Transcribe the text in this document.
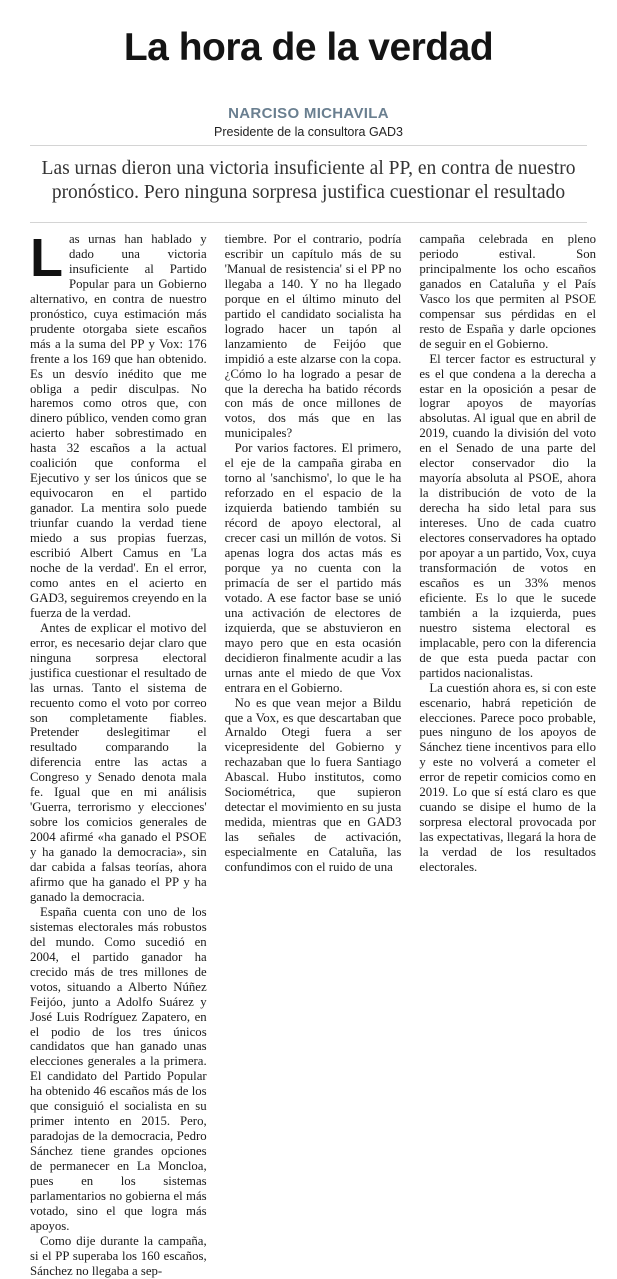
La hora de la verdad
NARCISO MICHAVILA
Presidente de la consultora GAD3

Las urnas dieron una victoria insuficiente al PP, en contra de nuestro pronóstico. Pero ninguna sorpresa justifica cuestionar el resultado

Las urnas han hablado y dado una victoria insuficiente al Partido Popular para un Gobierno alternativo, en contra de nuestro pronóstico, cuya estimación más prudente otorgaba siete escaños más a la suma del PP y Vox: 176 frente a los 169 que han obtenido. Es un desvío inédito que me obliga a pedir disculpas. No haremos como otros que, con dinero público, venden como gran acierto haber sobrestimado en hasta 32 escaños a la actual coalición que conforma el Ejecutivo y ser los únicos que se equivocaron en el partido ganador. La mentira solo puede triunfar cuando la verdad tiene miedo a sus propias fuerzas, escribió Albert Camus en 'La noche de la verdad'. En el error, como antes en el acierto en GAD3, seguiremos creyendo en la fuerza de la verdad.

Antes de explicar el motivo del error, es necesario dejar claro que ninguna sorpresa electoral justifica cuestionar el resultado de las urnas. Tanto el sistema de recuento como el voto por correo son completamente fiables. Pretender deslegitimar el resultado comparando la diferencia entre las actas a Congreso y Senado denota mala fe. Igual que en mi análisis 'Guerra, terrorismo y elecciones' sobre los comicios generales de 2004 afirmé «ha ganado el PSOE y ha ganado la democracia», sin dar cabida a falsas teorías, ahora afirmo que ha ganado el PP y ha ganado la democracia.

España cuenta con uno de los sistemas electorales más robustos del mundo. Como sucedió en 2004, el partido ganador ha crecido más de tres millones de votos, situando a Alberto Núñez Feijóo, junto a Adolfo Suárez y José Luis Rodríguez Zapatero, en el podio de los tres únicos candidatos que han ganado unas elecciones generales a la primera. El candidato del Partido Popular ha obtenido 46 escaños más de los que consiguió el socialista en su primer intento en 2015. Pero, paradojas de la democracia, Pedro Sánchez tiene grandes opciones de permanecer en La Moncloa, pues en los sistemas parlamentarios no gobierna el más votado, sino el que logra más apoyos.

Como dije durante la campaña, si el PP superaba los 160 escaños, Sánchez no llegaba a sep-

tiembre. Por el contrario, podría escribir un capítulo más de su 'Manual de resistencia' si el PP no llegaba a 140. Y no ha llegado porque en el último minuto del partido el candidato socialista ha logrado hacer un tapón al lanzamiento de Feijóo que impidió a este alzarse con la copa. ¿Cómo lo ha logrado a pesar de que la derecha ha batido récords con más de once millones de votos, dos más que en las municipales?

Por varios factores. El primero, el eje de la campaña giraba en torno al 'sanchismo', lo que le ha reforzado en el espacio de la izquierda batiendo también su récord de apoyo electoral, al crecer casi un millón de votos. Si apenas logra dos actas más es porque ya no cuenta con la primacía de ser el partido más votado. A ese factor base se unió una activación de electores de izquierda, que se abstuvieron en mayo pero que en esta ocasión decidieron finalmente acudir a las urnas ante el miedo de que Vox entrara en el Gobierno.

No es que vean mejor a Bildu que a Vox, es que descartaban que Arnaldo Otegi fuera a ser vicepresidente del Gobierno y rechazaban que lo fuera Santiago Abascal. Hubo institutos, como Sociométrica, que supieron detectar el movimiento en su justa medida, mientras que en GAD3 las señales de activación, especialmente en Cataluña, las confundimos con el ruido de una

campaña celebrada en pleno periodo estival. Son principalmente los ocho escaños ganados en Cataluña y el País Vasco los que permiten al PSOE compensar sus pérdidas en el resto de España y darle opciones de seguir en el Gobierno.

El tercer factor es estructural y es el que condena a la derecha a estar en la oposición a pesar de lograr apoyos de mayorías absolutas. Al igual que en abril de 2019, cuando la división del voto en el Senado de una parte del elector conservador dio la mayoría absoluta al PSOE, ahora la distribución de voto de la derecha ha sido letal para sus intereses. Uno de cada cuatro electores conservadores ha optado por apoyar a un partido, Vox, cuya transformación de votos en escaños es un 33% menos eficiente. Es lo que le sucede también a la izquierda, pues nuestro sistema electoral es implacable, pero con la diferencia de que esta pueda pactar con partidos nacionalistas.

La cuestión ahora es, si con este escenario, habrá repetición de elecciones. Parece poco probable, pues ninguno de los apoyos de Sánchez tiene incentivos para ello y este no volverá a cometer el error de repetir comicios como en 2019. Lo que sí está claro es que cuando se disipe el humo de la sorpresa electoral provocada por las expectativas, llegará la hora de la verdad de los resultados electorales.
